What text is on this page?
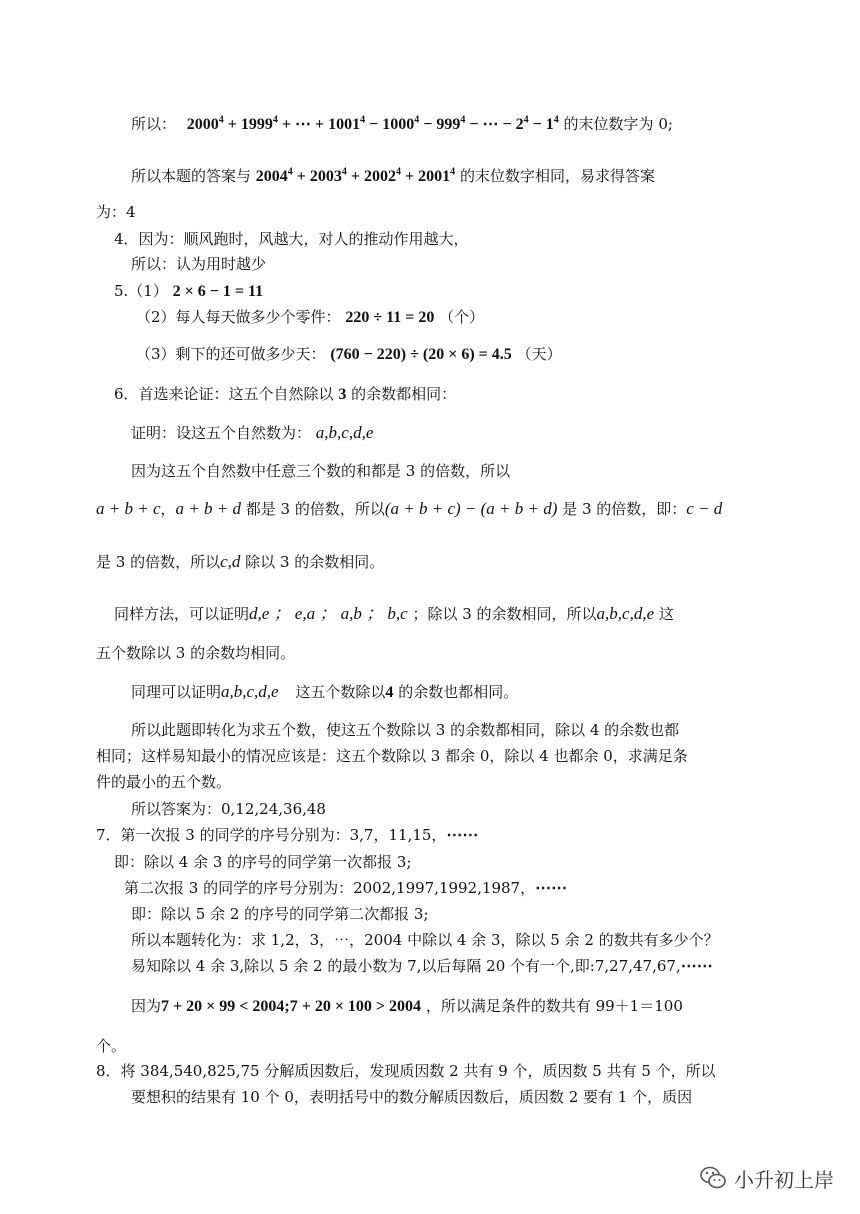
所以： $2000^4 + 1999^4$ + ⋯ + $1001^4 - 1000^4 - 999^4$ − ⋯ − $2^4 - 1^4$ 的末位数字为 0;
所以本题的答案与 $2004^4 + 2003^4 + 2002^4 + 2001^4$ 的末位数字相同，易求得答案
为：4
4．因为：顺风跑时，风越大，对人的推动作用越大，
所以：认为用时越少
5.（1） 2 × 6 − 1 = 11
（2）每人每天做多少个零件： 220 ÷ 11 = 20 （个）
（3）剩下的还可做多少天： (760 − 220) ÷ (20 × 6) = 4.5 （天）
6．首选来论证：这五个自然除以 3 的余数都相同：
证明：设这五个自然数为： a,b,c,d,e
因为这五个自然数中任意三个数的和都是 3 的倍数，所以
a + b + c，a + b + d 都是 3 的倍数，所以(a + b + c) − (a + b + d) 是 3 的倍数，即：c − d
是 3 的倍数，所以c,d 除以 3 的余数相同。
同样方法，可以证明d,e ； e,a ； a,b ； b,c ；除以 3 的余数相同，所以a,b,c,d,e 这
五个数除以 3 的余数均相同。
同理可以证明a,b,c,d,e 这五个数除以4 的余数也都相同。
所以此题即转化为求五个数，使这五个数除以 3 的余数都相同，除以 4 的余数也都
相同；这样易知最小的情况应该是：这五个数除以 3 都余 0，除以 4 也都余 0，求满足条
件的最小的五个数。
所以答案为：0,12,24,36,48
7．第一次报 3 的同学的序号分别为：3,7，11,15，⋯⋯
即：除以 4 余 3 的序号的同学第一次都报 3;
第二次报 3 的同学的序号分别为：2002,1997,1992,1987，⋯⋯
即：除以 5 余 2 的序号的同学第二次都报 3;
所以本题转化为：求 1,2，3，⋯，2004 中除以 4 余 3，除以 5 余 2 的数共有多少个？
易知除以 4 余 3,除以 5 余 2 的最小数为 7,以后每隔 20 个有一个,即:7,27,47,67,⋯⋯
因为7 + 20 × 99 < 2004;7 + 20 × 100 > 2004 ，所以满足条件的数共有 99＋1＝100
个。
8．将 384,540,825,75 分解质因数后，发现质因数 2 共有 9 个，质因数 5 共有 5 个，所以
要想积的结果有 10 个 0，表明括号中的数分解质因数后，质因数 2 要有 1 个，质因
小升初上岸
